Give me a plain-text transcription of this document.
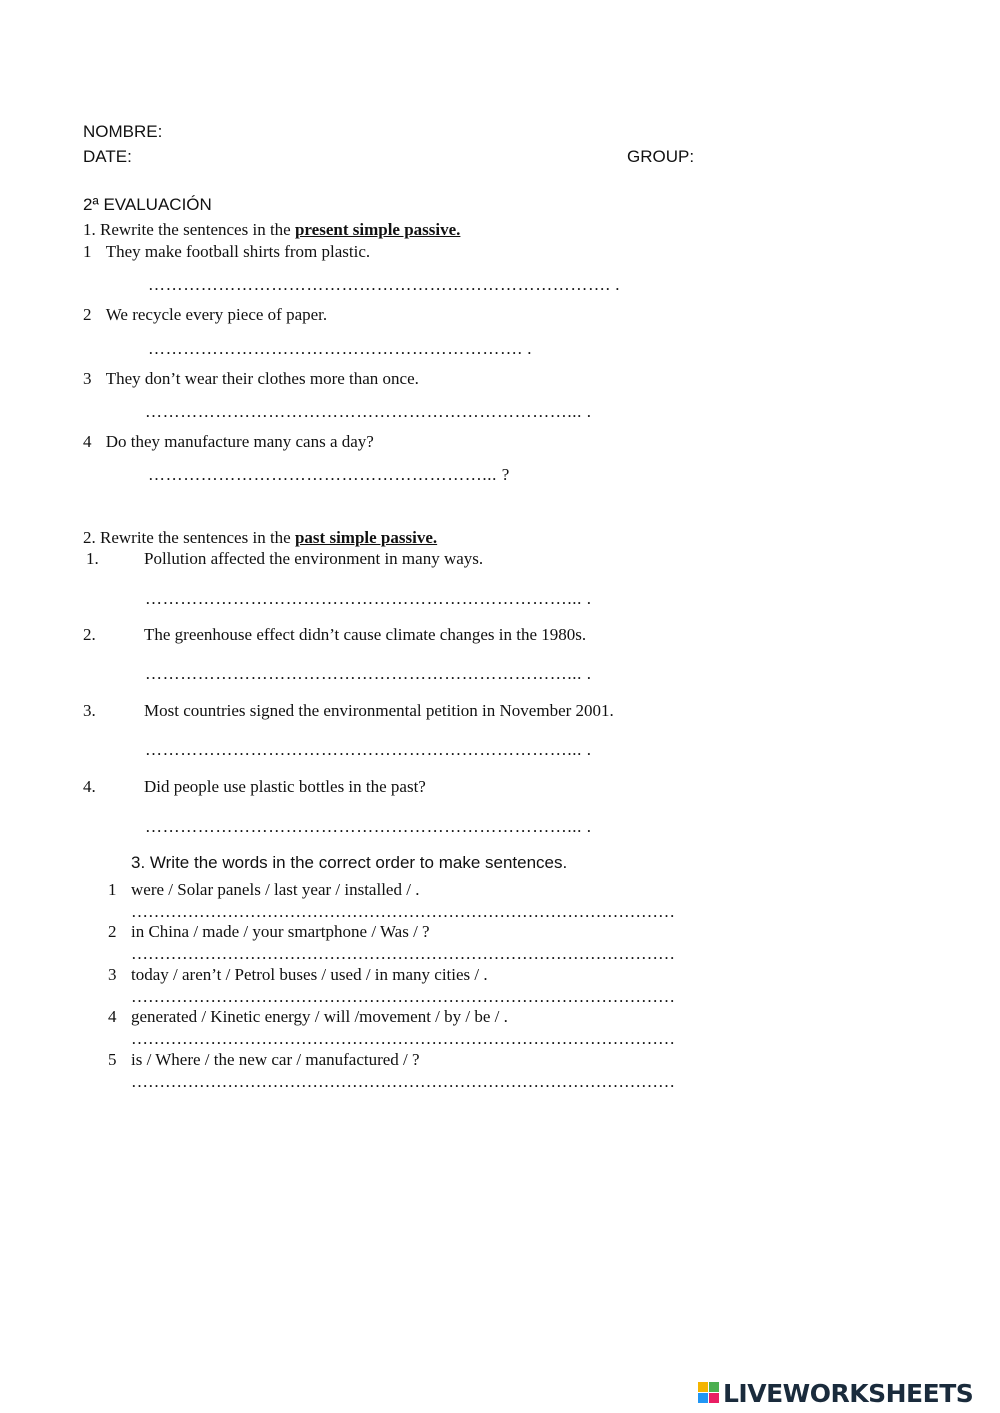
NOMBRE:
DATE:	GROUP:
2ª EVALUACIÓN
1. Rewrite the sentences in the present simple passive.
1 They make football shirts from plastic.
……………………………………………………………………. .
2 We recycle every piece of paper.
………………………………………………………. .
3 They don’t wear their clothes more than once.
………………………………………………………………... .
4 Do they manufacture many cans a day?
…………………………………………………... ?
2. Rewrite the sentences in the past simple passive.
1.	Pollution affected the environment in many ways.
………………………………………………………………... .
2.	The greenhouse effect didn’t cause climate changes in the 1980s.
………………………………………………………………... .
3.	Most countries signed the environmental petition in November 2001.
………………………………………………………………... .
4.	Did people use plastic bottles in the past?
………………………………………………………………... .
3. Write the words in the correct order to make sentences.
1 were / Solar panels / last year / installed / .
……………………………………………………………………………………
2 in China / made / your smartphone / Was / ?
……………………………………………………………………………………
3 today / aren’t / Petrol buses / used / in many cities / .
……………………………………………………………………………………
4 generated / Kinetic energy / will /movement / by / be / .
……………………………………………………………………………………
5 is / Where / the new car / manufactured / ?
……………………………………………………………………………………
LIVEWORKSHEETS
